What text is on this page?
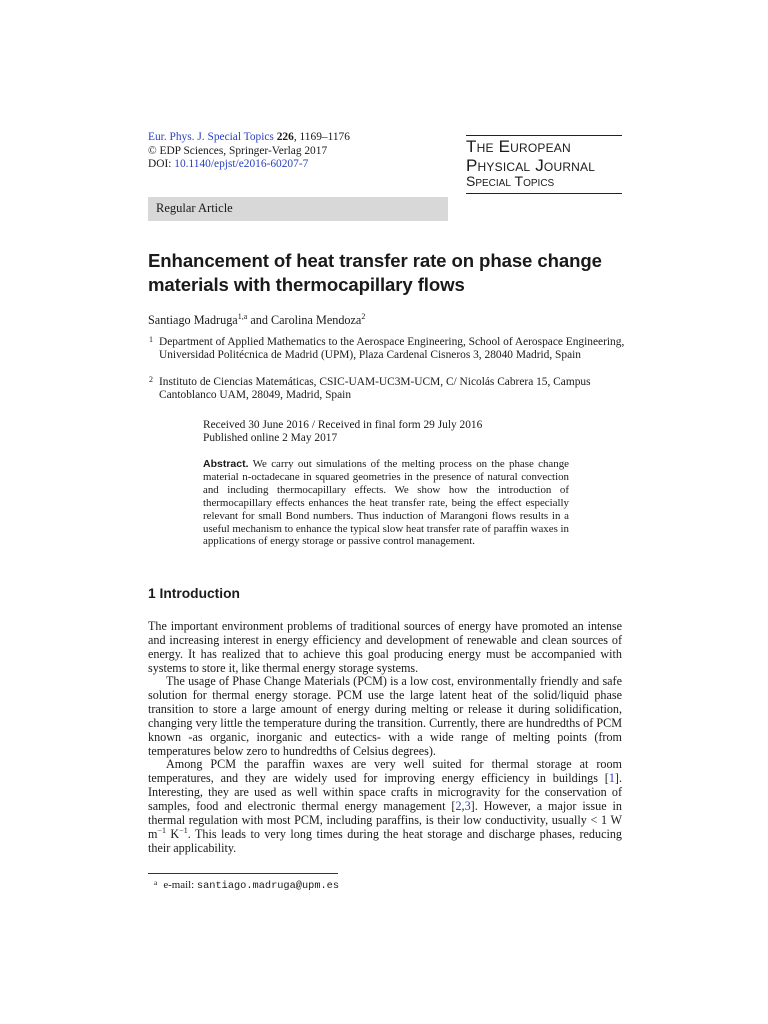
Eur. Phys. J. Special Topics 226, 1169–1176
© EDP Sciences, Springer-Verlag 2017
DOI: 10.1140/epjst/e2016-60207-7
The European
Physical Journal
Special Topics
Regular Article
Enhancement of heat transfer rate on phase change materials with thermocapillary flows
Santiago Madruga$^{1,a}$ and Carolina Mendoza$^2$
1 Department of Applied Mathematics to the Aerospace Engineering, School of Aerospace Engineering, Universidad Politécnica de Madrid (UPM), Plaza Cardenal Cisneros 3, 28040 Madrid, Spain
2 Instituto de Ciencias Matemáticas, CSIC-UAM-UC3M-UCM, C/ Nicolás Cabrera 15, Campus Cantoblanco UAM, 28049, Madrid, Spain
Received 30 June 2016 / Received in final form 29 July 2016
Published online 2 May 2017
Abstract. We carry out simulations of the melting process on the phase change material n-octadecane in squared geometries in the presence of natural convection and including thermocapillary effects. We show how the introduction of thermocapillary effects enhances the heat transfer rate, being the effect especially relevant for small Bond numbers. Thus induction of Marangoni flows results in a useful mechanism to enhance the typical slow heat transfer rate of paraffin waxes in applications of energy storage or passive control management.
1 Introduction

The important environment problems of traditional sources of energy have promoted an intense and increasing interest in energy efficiency and development of renewable and clean sources of energy. It has realized that to achieve this goal producing energy must be accompanied with systems to store it, like thermal energy storage systems.

The usage of Phase Change Materials (PCM) is a low cost, environmentally friendly and safe solution for thermal energy storage. PCM use the large latent heat of the solid/liquid phase transition to store a large amount of energy during melting or release it during solidification, changing very little the temperature during the transition. Currently, there are hundredths of PCM known -as organic, inorganic and eutectics- with a wide range of melting points (from temperatures below zero to hundredths of Celsius degrees).

Among PCM the paraffin waxes are very well suited for thermal storage at room temperatures, and they are widely used for improving energy efficiency in buildings [1]. Interesting, they are used as well within space crafts in microgravity for the conservation of samples, food and electronic thermal energy management [2,3]. However, a major issue in thermal regulation with most PCM, including paraffins, is their low conductivity, usually < 1 W $m^{-1}$ $K^{-1}$. This leads to very long times during the heat storage and discharge phases, reducing their applicability.

$^a$ e-mail: santiago.madruga@upm.es
